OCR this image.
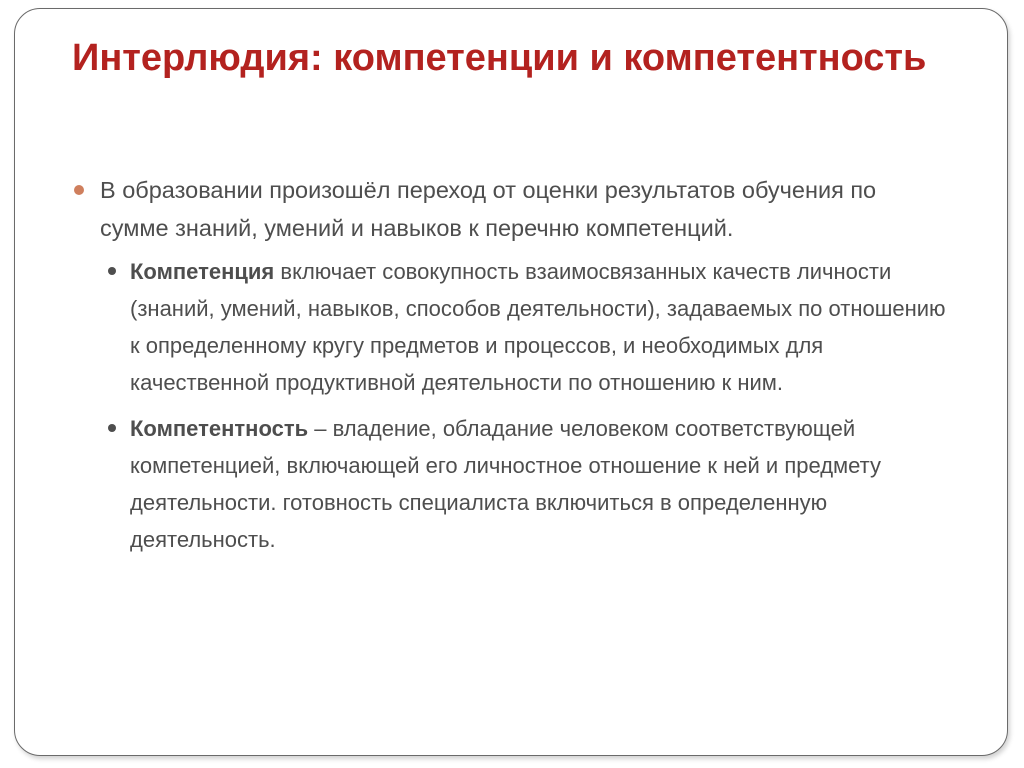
Интерлюдия: компетенции и компетентность
В образовании произошёл переход от оценки результатов обучения по сумме знаний, умений и навыков к перечню компетенций.
Компетенция включает совокупность взаимосвязанных качеств личности (знаний, умений, навыков, способов деятельности), задаваемых по отношению к определенному кругу предметов и процессов, и необходимых для качественной продуктивной деятельности по отношению к ним.
Компетентность – владение, обладание человеком соответствующей компетенцией, включающей его личностное отношение к ней и предмету деятельности. готовность специалиста включиться в определенную деятельность.
